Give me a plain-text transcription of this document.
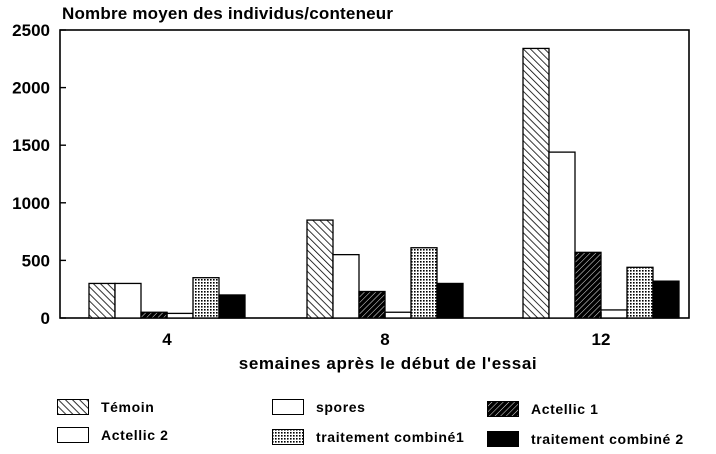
0
500
1000
1500
2000
2500
4	8	12
Nombre moyen des individus/conteneur
semaines après le début de l'essai
Témoin	spores	Actellic 1
Actellic 2	traitement combiné1	traitement combiné 2
